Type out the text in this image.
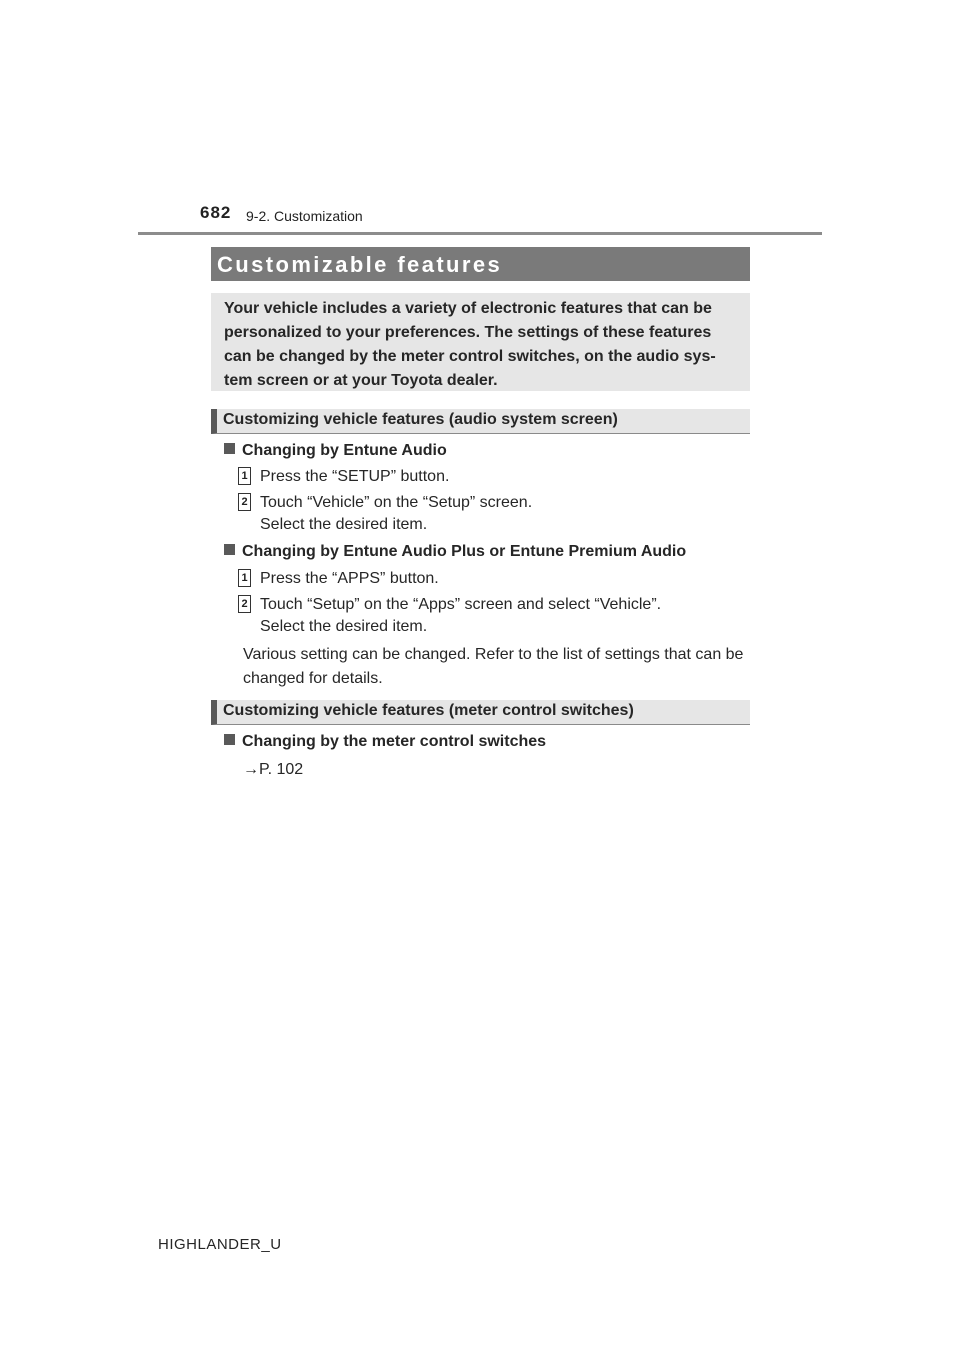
682 9-2. Customization
Customizable features
Your vehicle includes a variety of electronic features that can be personalized to your preferences. The settings of these features can be changed by the meter control switches, on the audio sys-tem screen or at your Toyota dealer.
Customizing vehicle features (audio system screen)
Changing by Entune Audio
1 Press the “SETUP” button.
2 Touch “Vehicle” on the “Setup” screen.
Select the desired item.
Changing by Entune Audio Plus or Entune Premium Audio
1 Press the “APPS” button.
2 Touch “Setup” on the “Apps” screen and select “Vehicle”.
Select the desired item.
Various setting can be changed. Refer to the list of settings that can be changed for details.
Customizing vehicle features (meter control switches)
Changing by the meter control switches
→P. 102
HIGHLANDER_U
